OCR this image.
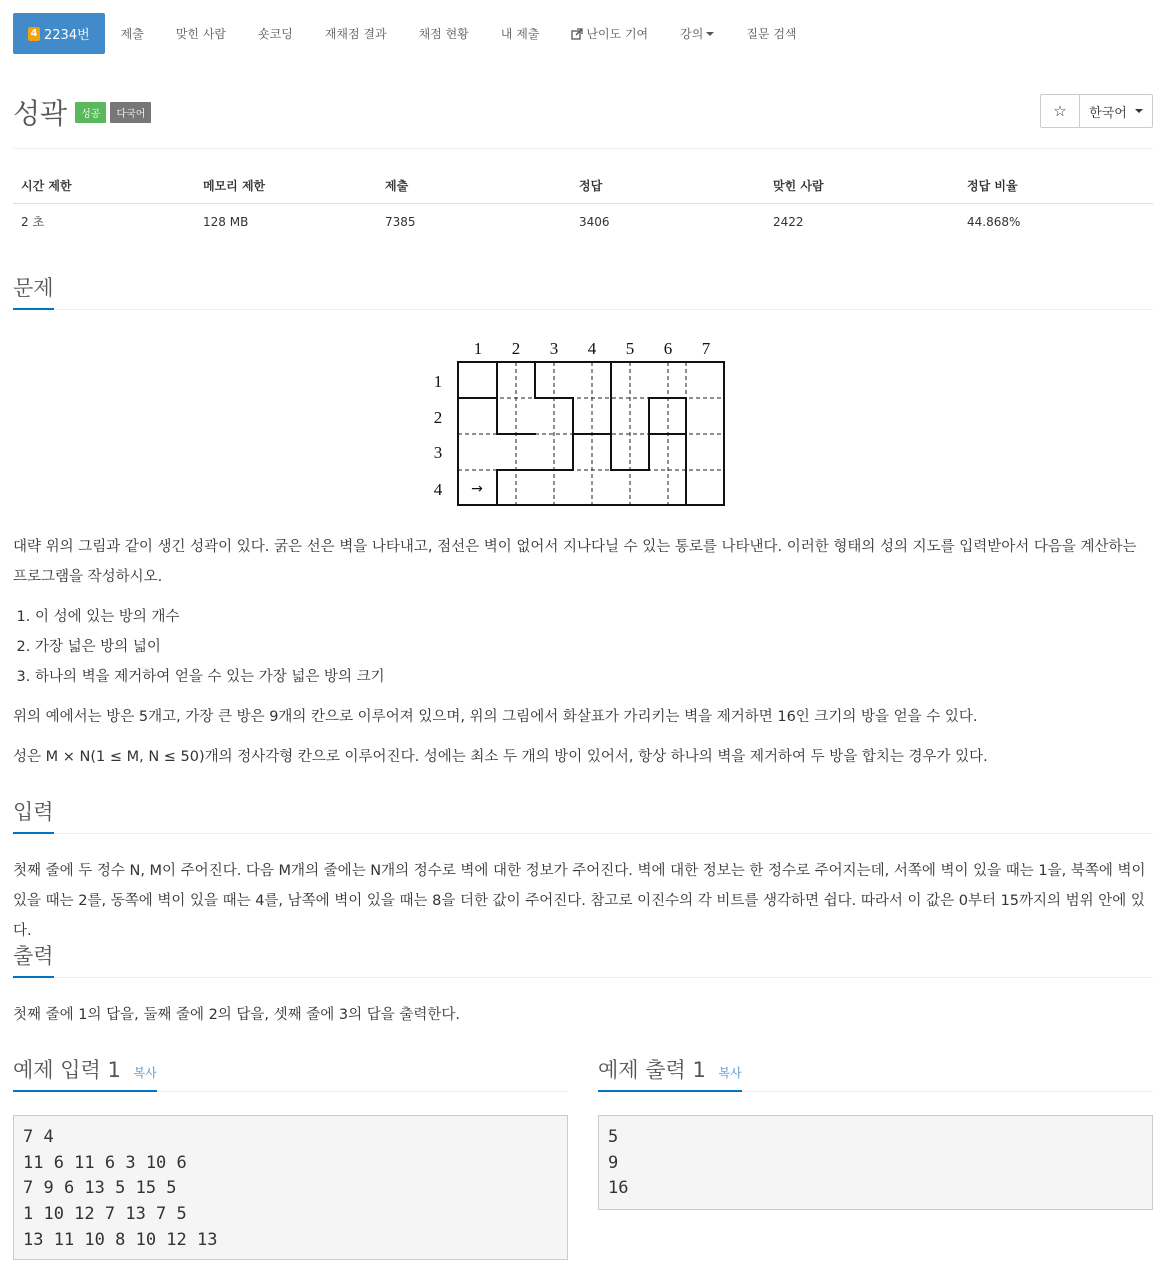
4 2234번	제출	맞힌 사람	숏코딩	재채점 결과	채점 현황	내 제출	난이도 기여	강의	질문 검색
성곽	성공	다국어	☆ 한국어
시간 제한	메모리 제한	제출	정답	맞힌 사람	정답 비율
2 초	128 MB	7385	3406	2422	44.868%
문제
1 2 3 4 5 6 7
1
2
3
4 →
대략 위의 그림과 같이 생긴 성곽이 있다. 굵은 선은 벽을 나타내고, 점선은 벽이 없어서 지나다닐 수 있는 통로를 나타낸다. 이러한 형태의 성의 지도를 입력받아서 다음을 계산하는 프로그램을 작성하시오.
1. 이 성에 있는 방의 개수
2. 가장 넓은 방의 넓이
3. 하나의 벽을 제거하여 얻을 수 있는 가장 넓은 방의 크기
위의 예에서는 방은 5개고, 가장 큰 방은 9개의 칸으로 이루어져 있으며, 위의 그림에서 화살표가 가리키는 벽을 제거하면 16인 크기의 방을 얻을 수 있다.
성은 M × N(1 ≤ M, N ≤ 50)개의 정사각형 칸으로 이루어진다. 성에는 최소 두 개의 방이 있어서, 항상 하나의 벽을 제거하여 두 방을 합치는 경우가 있다.
입력
첫째 줄에 두 정수 N, M이 주어진다. 다음 M개의 줄에는 N개의 정수로 벽에 대한 정보가 주어진다. 벽에 대한 정보는 한 정수로 주어지는데, 서쪽에 벽이 있을 때는 1을, 북쪽에 벽이 있을 때는 2를, 동쪽에 벽이 있을 때는 4를, 남쪽에 벽이 있을 때는 8을 더한 값이 주어진다. 참고로 이진수의 각 비트를 생각하면 쉽다. 따라서 이 값은 0부터 15까지의 범위 안에 있다.
출력
첫째 줄에 1의 답을, 둘째 줄에 2의 답을, 셋째 줄에 3의 답을 출력한다.
예제 입력 1 복사	예제 출력 1 복사
7 4
11 6 11 6 3 10 6
7 9 6 13 5 15 5
1 10 12 7 13 7 5
13 11 10 8 10 12 13
5
9
16
